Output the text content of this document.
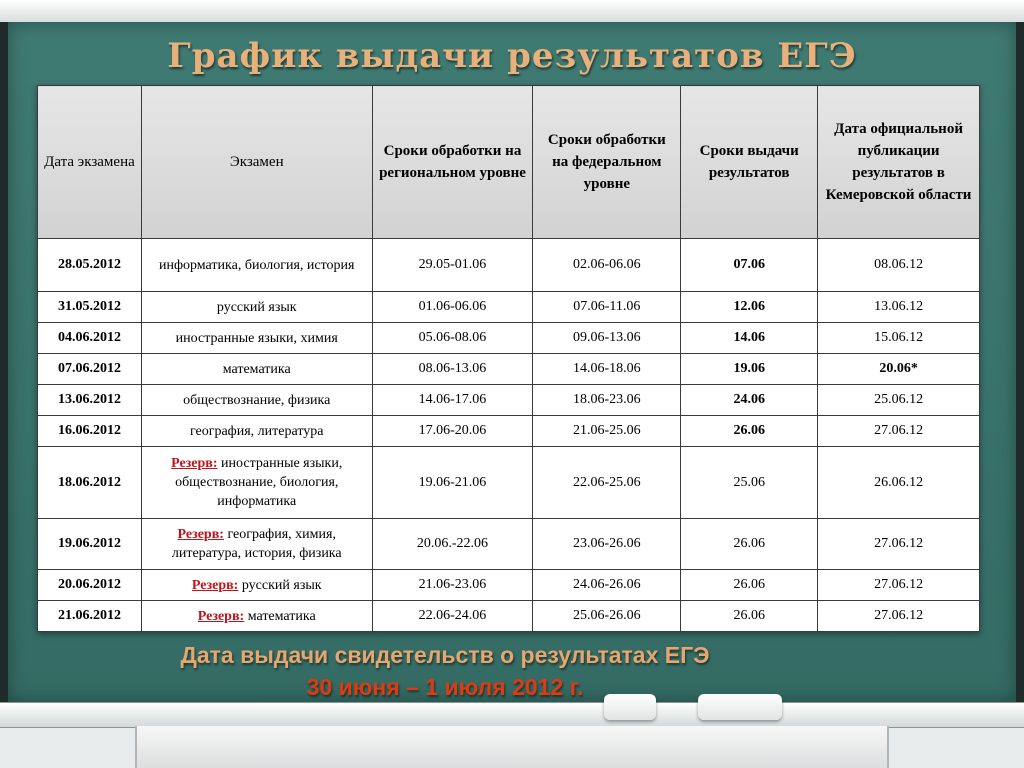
График выдачи результатов ЕГЭ
Дата экзамена	Экзамен	Сроки обработки на региональном уровне	Сроки обработки на федеральном уровне	Сроки выдачи результатов	Дата официальной публикации результатов в Кемеровской области
28.05.2012	информатика, биология, история	29.05-01.06	02.06-06.06	07.06	08.06.12
31.05.2012	русский язык	01.06-06.06	07.06-11.06	12.06	13.06.12
04.06.2012	иностранные языки, химия	05.06-08.06	09.06-13.06	14.06	15.06.12
07.06.2012	математика	08.06-13.06	14.06-18.06	19.06	20.06*
13.06.2012	обществознание, физика	14.06-17.06	18.06-23.06	24.06	25.06.12
16.06.2012	география, литература	17.06-20.06	21.06-25.06	26.06	27.06.12
18.06.2012	Резерв: иностранные языки, обществознание, биология, информатика	19.06-21.06	22.06-25.06	25.06	26.06.12
19.06.2012	Резерв: география, химия, литература, история, физика	20.06.-22.06	23.06-26.06	26.06	27.06.12
20.06.2012	Резерв: русский язык	21.06-23.06	24.06-26.06	26.06	27.06.12
21.06.2012	Резерв: математика	22.06-24.06	25.06-26.06	26.06	27.06.12
Дата выдачи свидетельств о результатах ЕГЭ
30 июня – 1 июля 2012 г.
